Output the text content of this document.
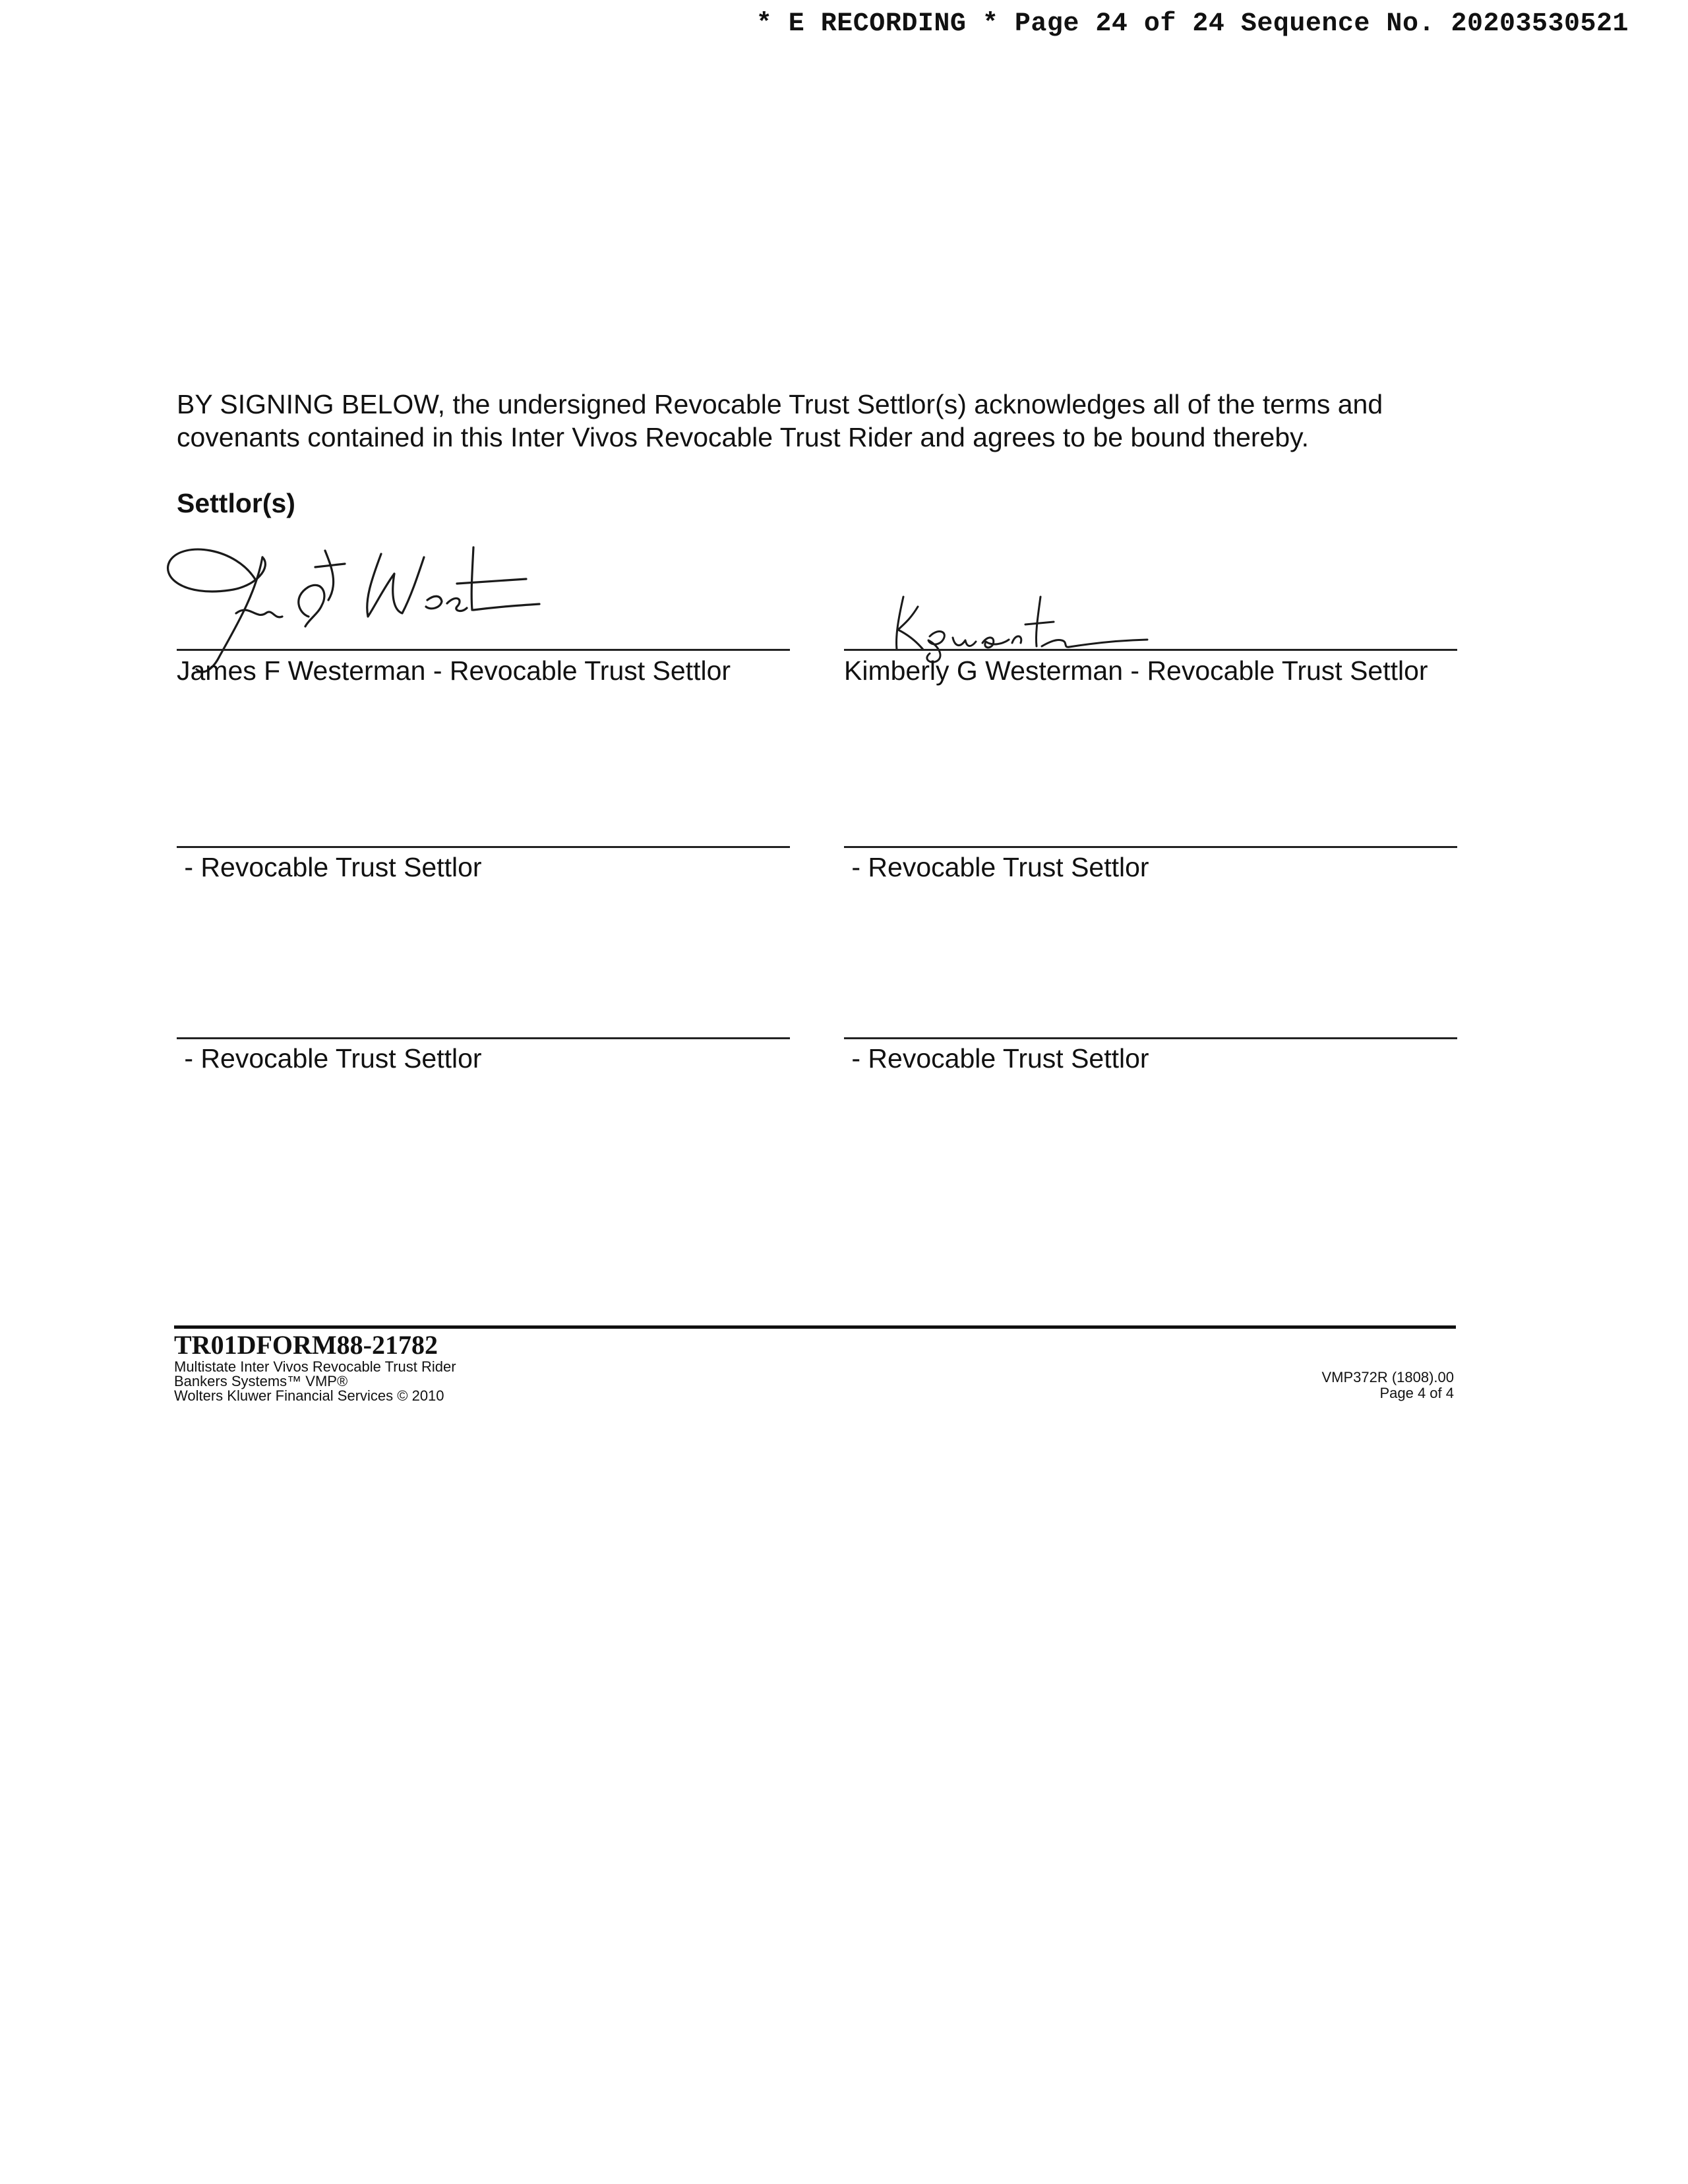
* E RECORDING * Page 24 of 24 Sequence No. 20203530521

BY SIGNING BELOW, the undersigned Revocable Trust Settlor(s) acknowledges all of the terms and covenants contained in this Inter Vivos Revocable Trust Rider and agrees to be bound thereby.

Settlor(s)

James F Westerman - Revocable Trust Settlor	Kimberly G Westerman - Revocable Trust Settlor
- Revocable Trust Settlor	- Revocable Trust Settlor
- Revocable Trust Settlor	- Revocable Trust Settlor
TR01DFORM88-21782
Multistate Inter Vivos Revocable Trust Rider
Bankers Systems™ VMP®
Wolters Kluwer Financial Services © 2010
VMP372R (1808).00
Page 4 of 4
